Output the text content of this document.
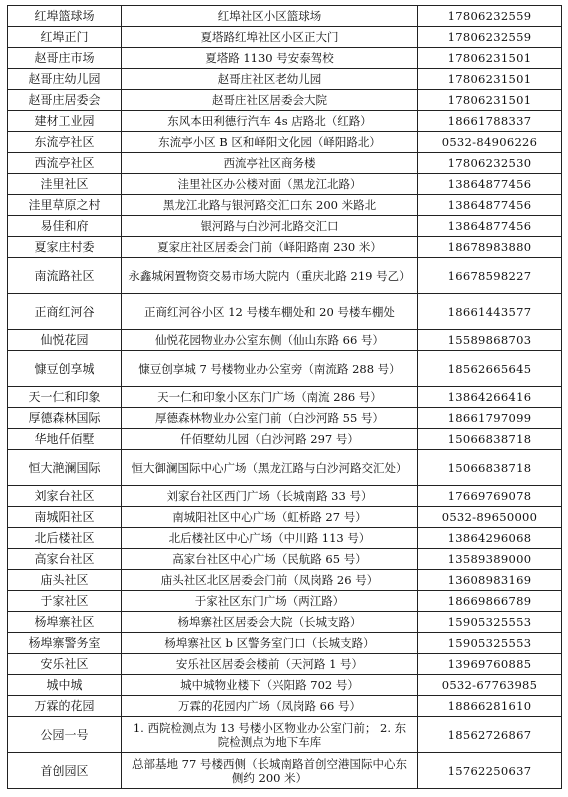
红埠篮球场	红埠社区小区篮球场	17806232559
红埠正门	夏塔路红埠社区小区正大门	17806232559
赵哥庄市场	夏塔路 1130 号安泰驾校	17806231501
赵哥庄幼儿园	赵哥庄社区老幼儿园	17806231501
赵哥庄居委会	赵哥庄社区居委会大院	17806231501
建材工业园	东风本田利德行汽车 4s 店路北（红路）	18661788337
东流亭社区	东流亭小区 B 区和峄阳文化园（峄阳路北）	0532-84906226
西流亭社区	西流亭社区商务楼	17806232530
洼里社区	洼里社区办公楼对面（黑龙江北路）	13864877456
洼里草原之村	黑龙江北路与银河路交汇口东 200 米路北	13864877456
易佳和府	银河路与白沙河北路交汇口	13864877456
夏家庄村委	夏家庄社区居委会门前（峄阳路南 230 米）	18678983880
南流路社区	永鑫城闲置物资交易市场大院内（重庆北路 219 号乙）	16678598227
正商红河谷	正商红河谷小区 12 号楼车棚处和 20 号楼车棚处	18661443577
仙悦花园	仙悦花园物业办公室东侧（仙山东路 66 号）	15589868703
慷豆创享城	慷豆创享城 7 号楼物业办公室旁（南流路 288 号）	18562665645
天一仁和印象	天一仁和印象小区东门广场（南流 286 号）	13864266416
厚德森林国际	厚德森林物业办公室门前（白沙河路 55 号）	18661797099
华地仟佰墅	仟佰墅幼儿园（白沙河路 297 号）	15066838718
恒大滟澜国际	恒大御澜国际中心广场（黑龙江路与白沙河路交汇处）	15066838718
刘家台社区	刘家台社区西门广场（长城南路 33 号）	17669769078
南城阳社区	南城阳社区中心广场（虹桥路 27 号）	0532-89650000
北后楼社区	北后楼社区中心广场（中川路 113 号）	13864296068
高家台社区	高家台社区中心广场（民航路 65 号）	13589389000
庙头社区	庙头社区北区居委会门前（凤岗路 26 号）	13608983169
于家社区	于家社区东门广场（两江路）	18669866789
杨埠寨社区	杨埠寨社区居委会大院（长城支路）	15905325553
杨埠寨警务室	杨埠寨社区 b 区警务室门口（长城支路）	15905325553
安乐社区	安乐社区居委会楼前（天河路 1 号）	13969760885
城中城	城中城物业楼下（兴阳路 702 号）	0532-67763985
万霖的花园	万霖的花园内广场（凤岗路 66 号）	18866281610
公园一号	1. 西院检测点为 13 号楼小区物业办公室门前； 2. 东院检测点为地下车库	18562726867
首创园区	总部基地 77 号楼西侧（长城南路首创空港国际中心东侧约 200 米）	15762250637
